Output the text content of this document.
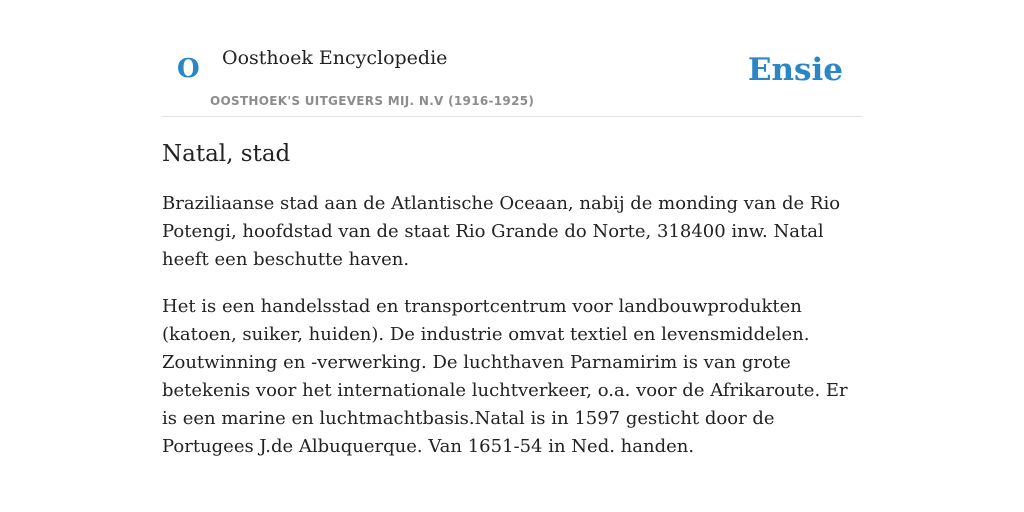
O Oosthoek Encyclopedie
OOSTHOEK'S UITGEVERS MIJ. N.V (1916-1925)
Ensie
Natal, stad

Braziliaanse stad aan de Atlantische Oceaan, nabij de monding van de Rio Potengi, hoofdstad van de staat Rio Grande do Norte, 318400 inw. Natal heeft een beschutte haven.

Het is een handelsstad en transportcentrum voor landbouwprodukten (katoen, suiker, huiden). De industrie omvat textiel en levensmiddelen. Zoutwinning en -verwerking. De luchthaven Parnamirim is van grote betekenis voor het internationale luchtverkeer, o.a. voor de Afrikaroute. Er is een marine en luchtmachtbasis.Natal is in 1597 gesticht door de Portugees J.de Albuquerque. Van 1651-54 in Ned. handen.
